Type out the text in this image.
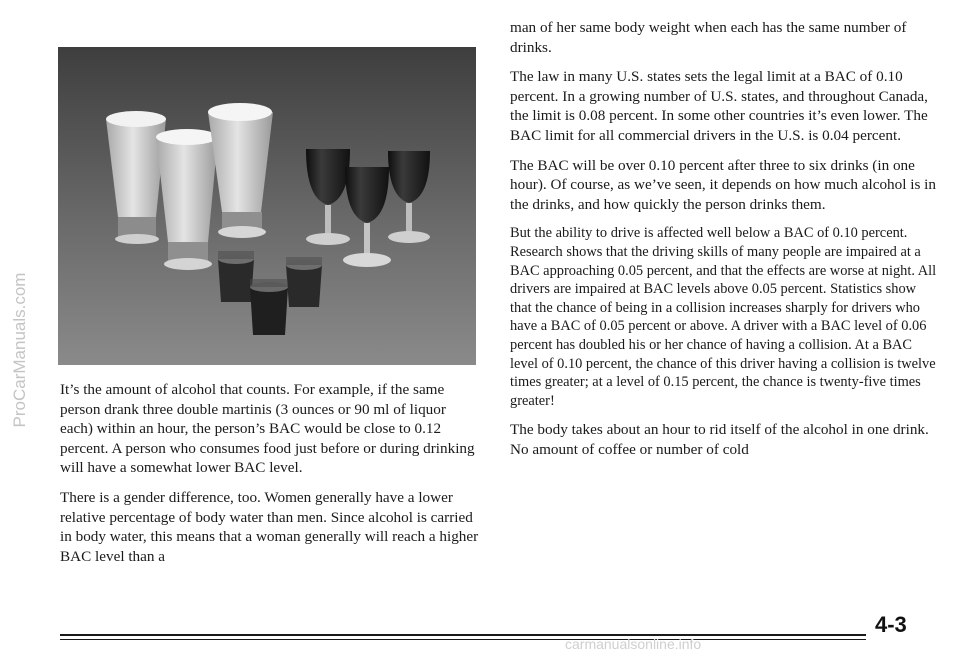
ProCarManuals.com It’s the amount of alcohol that counts. For example, if the same person drank three double martinis (3 ounces or 90 ml of liquor each) within an hour, the person’s BAC would be close to 0.12 percent. A person who consumes food just before or during drinking will have a somewhat lower BAC level.

There is a gender difference, too. Women generally have a lower relative percentage of body water than men. Since alcohol is carried in body water, this means that a woman generally will reach a higher BAC level than a

man of her same body weight when each has the same number of drinks.

The law in many U.S. states sets the legal limit at a BAC of 0.10 percent. In a growing number of U.S. states, and throughout Canada, the limit is 0.08 percent. In some other countries it’s even lower. The BAC limit for all commercial drivers in the U.S. is 0.04 percent.

The BAC will be over 0.10 percent after three to six drinks (in one hour). Of course, as we’ve seen, it depends on how much alcohol is in the drinks, and how quickly the person drinks them.

But the ability to drive is affected well below a BAC of 0.10 percent. Research shows that the driving skills of many people are impaired at a BAC approaching 0.05 percent, and that the effects are worse at night. All drivers are impaired at BAC levels above 0.05 percent. Statistics show that the chance of being in a collision increases sharply for drivers who have a BAC of 0.05 percent or above. A driver with a BAC level of 0.06 percent has doubled his or her chance of having a collision. At a BAC level of 0.10 percent, the chance of this driver having a collision is twelve times greater; at a level of 0.15 percent, the chance is twenty-five times greater!

The body takes about an hour to rid itself of the alcohol in one drink. No amount of coffee or number of cold

4-3
carmanualsonline.info
